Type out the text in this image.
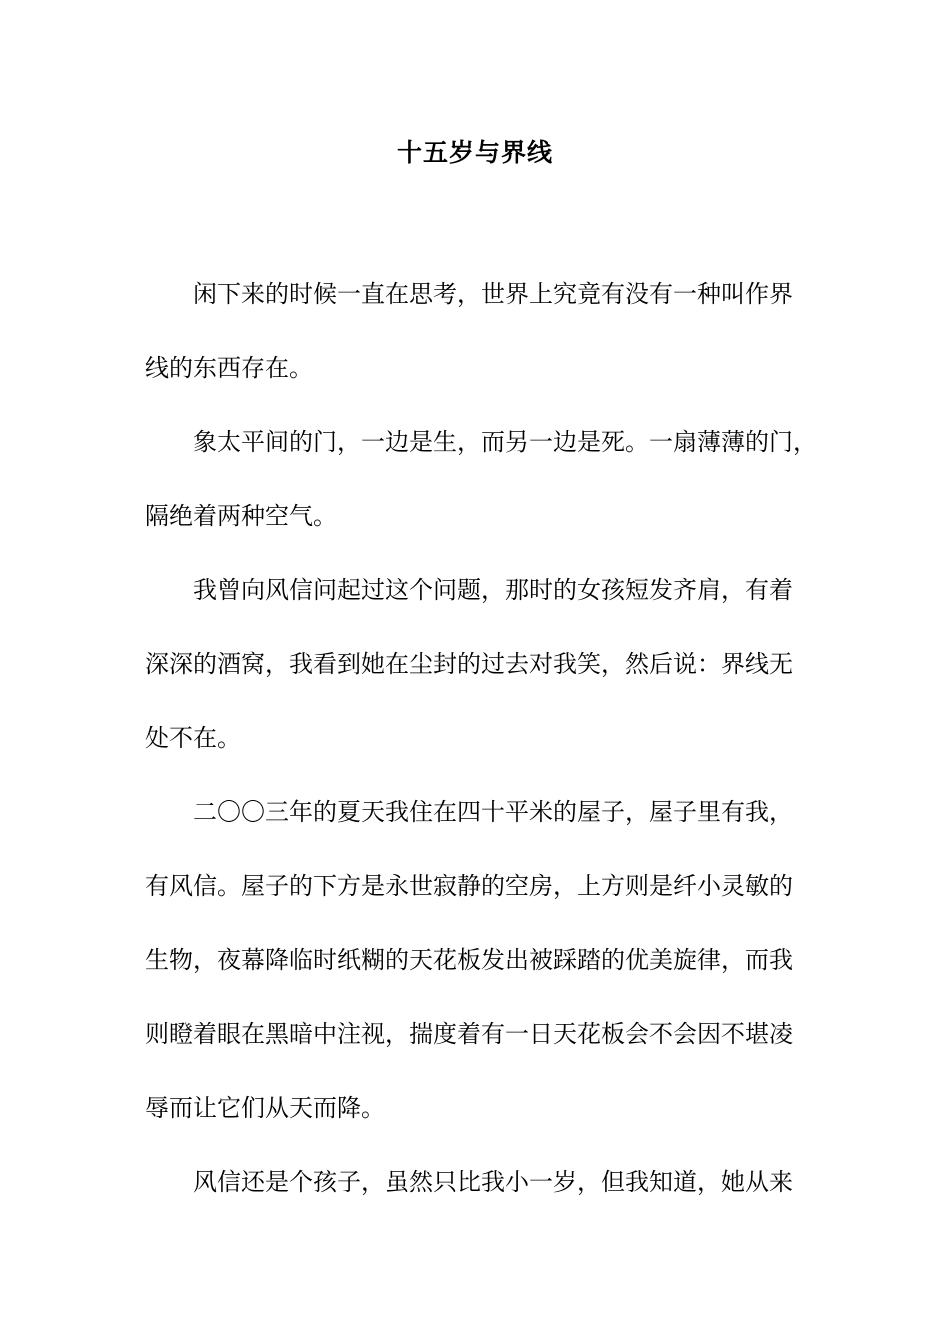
十五岁与界线
闲下来的时候一直在思考，世界上究竟有没有一种叫作界
线的东西存在。
象太平间的门，一边是生，而另一边是死。一扇薄薄的门，
隔绝着两种空气。
我曾向风信问起过这个问题，那时的女孩短发齐肩，有着
深深的酒窝，我看到她在尘封的过去对我笑，然后说：界线无
处不在。
二〇〇三年的夏天我住在四十平米的屋子，屋子里有我，
有风信。屋子的下方是永世寂静的空房，上方则是纤小灵敏的
生物，夜幕降临时纸糊的天花板发出被踩踏的优美旋律，而我
则瞪着眼在黑暗中注视，揣度着有一日天花板会不会因不堪凌
辱而让它们从天而降。
风信还是个孩子，虽然只比我小一岁，但我知道，她从来
